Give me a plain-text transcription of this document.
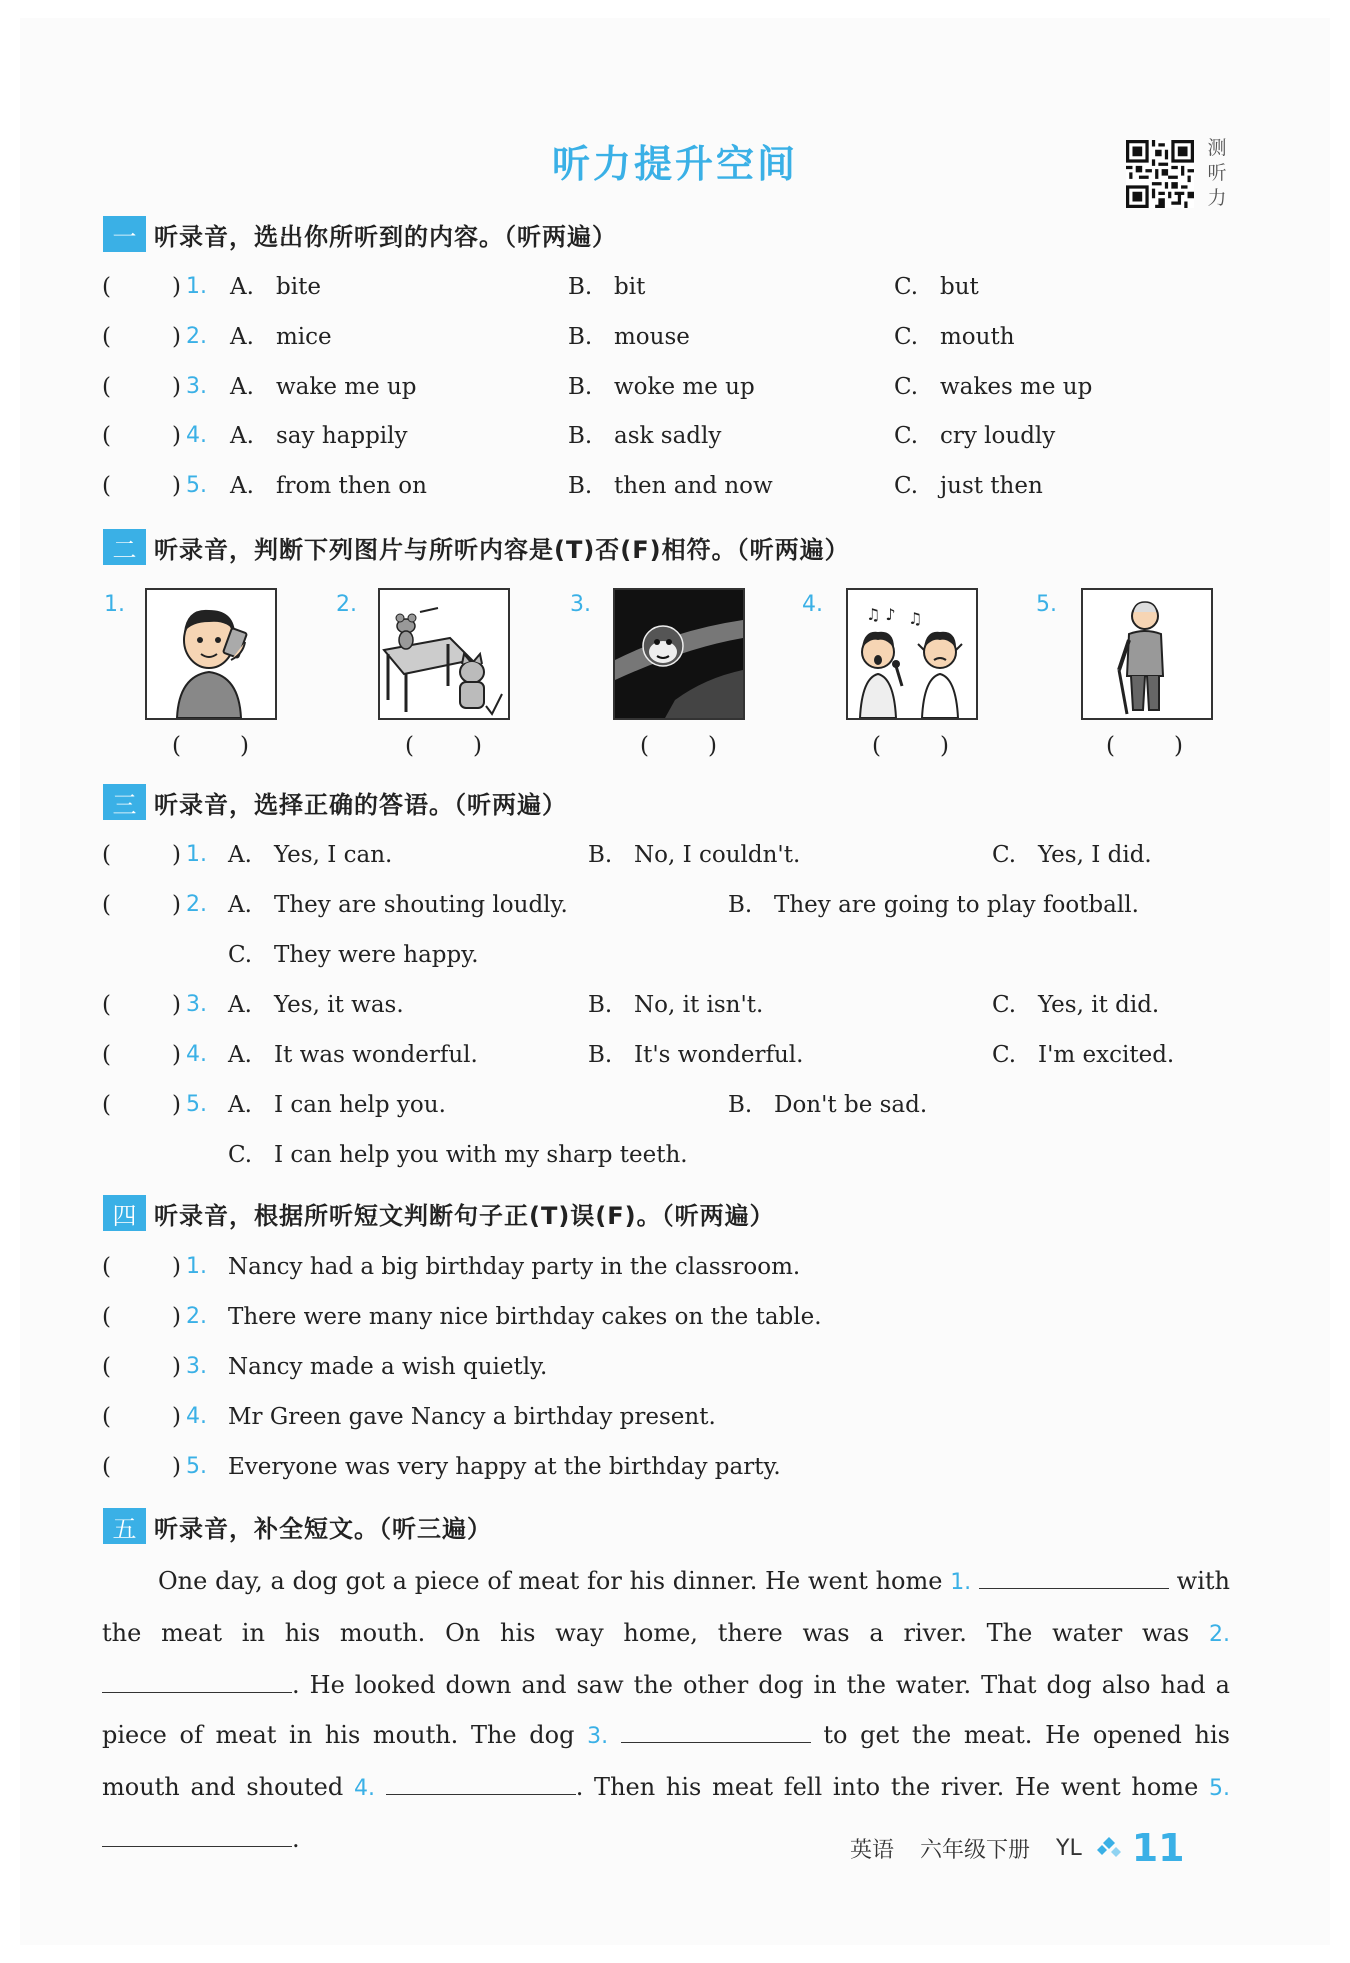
听力提升空间	测听力
一 听录音，选出你所听到的内容。（听两遍）
(	) 1. A. bite	B. bit	C. but
(	) 2. A. mice	B. mouse	C. mouth
(	) 3. A. wake me up	B. woke me up	C. wakes me up
(	) 4. A. say happily	B. ask sadly	C. cry loudly
(	) 5. A. from then on	B. then and now	C. just then
二 听录音，判断下列图片与所听内容是(T)否(F)相符。（听两遍）
1.
(	)
2.
(	)
3.
(	)
4.	♫ ♪ ♫
(	)
5.
(	)
三 听录音，选择正确的答语。（听两遍）
(	) 1. A. Yes, I can.	B. No, I couldn't.	C. Yes, I did.
(	) 2. A. They are shouting loudly.	B. They are going to play football.
C. They were happy.
(	) 3. A. Yes, it was.	B. No, it isn't.	C. Yes, it did.
(	) 4. A. It was wonderful.	B. It's wonderful.	C. I'm excited.
(	) 5. A. I can help you.	B. Don't be sad.
C. I can help you with my sharp teeth.
四 听录音，根据所听短文判断句子正(T)误(F)。（听两遍）
(	) 1. Nancy had a big birthday party in the classroom.
(	) 2. There were many nice birthday cakes on the table.
(	) 3. Nancy made a wish quietly.
(	) 4. Mr Green gave Nancy a birthday present.
(	) 5. Everyone was very happy at the birthday party.
五 听录音，补全短文。（听三遍）
One day, a dog got a piece of meat for his dinner. He went home 1.	with the meat in his mouth. On his way home, there was a river. The water was 2. . He looked down and saw the other dog in the water. That dog also had a piece of meat in his mouth. The dog 3.	to get the meat. He opened his mouth and shouted 4.	. Then his meat fell into the river. He went home 5. .	英语 六年级下册 YL 11
